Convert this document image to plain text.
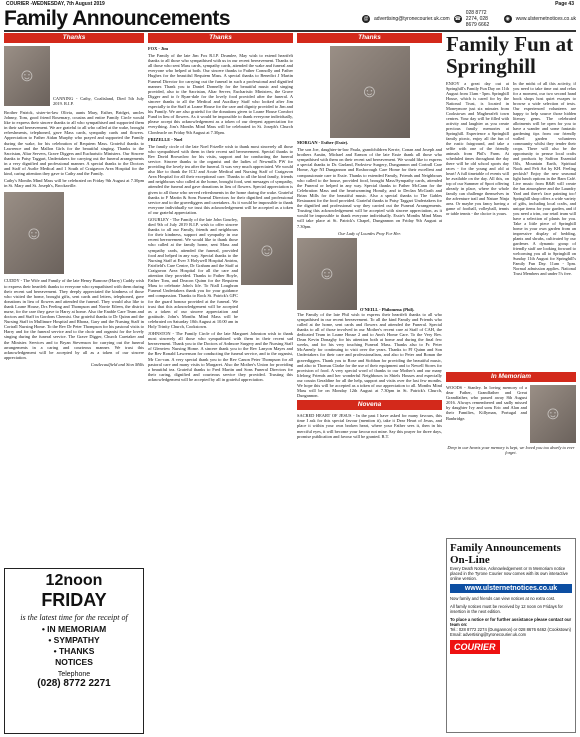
COURIER -WEDNESDAY, 7th August 2019	Page 43
Family Announcements	@ advertising@tyronecourier.uk.com ☎
028 8772 2274, 028 8679 6662
◉	www.ulsternetnotices.co.uk
Thanks
☺
CANNING - Cathy, Coalisland, Died 5th July 2019. R.I.P.
Brother Patrick, sister-in-law Olivia, aunts Mary, Esther, Bridget, uncles Johnny, Tom, good friend Rosemary, cousins and entire Family Circle would like to express their sincere thanks to all who sympathised and supported them in their sad bereavement. We are grateful to all who called at the wake, brought refreshments, telephoned, gave Mass cards, sympathy cards and flowers. Appreciation to Father Aidan Murphy who prayed and supported the Family during the wake, for his celebration of Requiem Mass. Grateful thanks to Lawrence and the Mallon Girls for the beautiful singing. Thanks to the Sacristan, Altar Servers, Grave Diggers and Eucharistic Ministers. Our Sincere thanks to Patsy Taggart, Undertakers for carrying out the funeral arrangements in a very dignified and professional manner. A special thanks to the Doctors and Staff of Aurlie Medical and 1 South of Craigavon Area Hospital for the kind, caring attention they gave to Cathy and the Family.
Cathy's Months Mind Mass will be celebrated on Friday 9th August at 7.30pm in St. Mary and St. Joseph's, Brockaville.
☺
CUDDY - The Wife and Family of the late Henry Bunrose (Harry) Cuddy wish to express their heartfelt thanks to everyone who sympathised with them during their recent sad bereavement. They deeply appreciated the kindness of those who visited the home, brought gifts, sent cards and letters, telephoned, gave donations in lieu of flowers and attended the funeral. They would also like to thank Loane House, Drs Feeling and Thompson and Norrie Eileen, the district nurse, for the care they gave to Harry at home. Also the Enable Care Team and doctors and Staff in Gordons Chemist. Our grateful thanks to Dr Quinn and the Nursing Staff in Mullinure Hospital and Rhona, Gary and the Nursing Staff in Cortrall Nursing Home. To the Rev Dr Peter Thompson for his pastoral visits to Harry and for the funeral service and to the choir and organist for the lovely singing during the funeral service. The Grave Digger, Church Caretaker and the Minister. Services and to Bryan Stevenson for carrying out the funeral arrangements in a caring and courteous manner. We trust this acknowledgement will be accepted by all as a token of our sincere appreciation.
Castlecaulfield and Sion Mills
12noon
FRIDAY
is the latest time for the receipt of
• IN MEMORIAM
• SYMPATHY
• THANKS
NOTICES
Telephone
(028) 8772 2271
Thanks
FOX - Jim
The Family of the late Jim Fox R.I.P. Drumlee, May wish to extend heartfelt thanks to all those who sympathised with us in our recent bereavement. Thanks to all those who sent Mass cards, sympathy cards, attended the wake and funeral and everyone who helped at both. Our sincere thanks to Father Connolly and Father Hughes for the beautiful Requiem Mass. A special thanks to Benedict J Martin Funeral Director for carrying out the funeral in such a professional and dignified manner. Thank you to Daniel Donnelly for the beautiful music and singing provided, also to the Sacristan, Altar Server, Eucharistic Ministers, the Grave Digger and to fr Ryan-dale for the lovely food provided after the funeral. A sincere thanks to all the Medical and Auxiliary Staff who looked after Jim especially to the Staff at Loane House for the care and dignity provided to Jim and his Family. We are also grateful for the donations given to Loane House Comfort Fund in lieu of flowers. As it would be impossible to thank everyone individually, please accept this acknowledgement as a token of our deepest appreciation for everything. Jim's Months Mind Mass will be celebrated in St. Joseph's Church Clonfeacle on Friday 9th August at 7.30pm.
FRIZELLE - Noel
The family circle of the late Noel Frizelle wish to thank most sincerely all those who sympathised with them in their recent sad bereavement. Special thanks to Rev David Brownlow for his visits, support and for conducting the funeral service. Sincere thanks to the organist and the ladies of Newmills PW for providing the lovely tea after the funeral. It was very much appreciated. We would also like to thank the ICU and Acute Medical and Nursing Staff of Craigavon Area Hospital for all their exceptional care. Thanks to all the kind family, friends and neighbours who called at the home, brought food, sent messages of sympathy, attended the funeral and gave donations in lieu of flowers. Special appreciation is given to all those who served refreshments in the home during the wake. Grateful thanks to F Martin & Sons Funeral Directors for their dignified and professional service and to the gravediggers and caretakers. As it would be impossible to thank everyone individually we trust this acknowledgement will be accepted as a token of our grateful appreciation.
GOURLEY - The Family of the late John Gourley, died 9th of July 2019 R.I.P. wish to offer sincere thanks to all our Family, friends and neighbours for their kindness, support and sympathy in our recent bereavement. We would like to thank those who called at the family home, sent Mass and sympathy cards, attended the funeral, provided food and helped in any way. Special thanks to the Nursing Staff at Ever 3 Holywell Hospital Antrim, Fairfield's Care Centre, Dr Graham and the Staff at Craigavon Area Hospital for all the care and attention they provided. Thanks to Father Boyle, Father Tom, and Deacon Quinn for the Requiem Mass to celebrate John's life. To Niall Loughran Funeral Undertakers thank you for your guidance and compassion. Thanks to Rock St. Patrick's GFC for the guard honour provided at the funeral. We trust that this acknowledgement will be accepted as a token of our sincere appreciation and gratitude. John's Months Mind Mass will be celebrated on Saturday 10th August at 10.00 am in Holy Trinity Church, Cookstown.
☺
JOHNSTON - The Family Circle of the late Margaret Johnston wish to thank most sincerely all those who sympathised with them in their recent sad bereavement. Thank you to the Doctors of Ardmore Surgery and the Nursing Staff of Glenview Nursing Home. A sincere thank you to the Rev Lanyon Mayes and the Rev Ronald Lawrenson for conducting the funeral service, and to the organist, Mr Cro-can. A very special thank you to the Rev Canon Peter Thompson for all pastoral care and many visits to Margaret. Also the Mother's Union for providing a beautiful tea. Grateful thanks to Fred Martin and Sons Funeral Directors for their caring, dignified and courteous service they provided. Trusting this acknowledgement will be accepted by all in grateful appreciation.
Thanks
☺
MORGAN - Esther (Essie).
The son Joe, daughter-in-law Paula, grandchildren Kerrie, Conan and Joseph and brothers Austin, Michael and Eamon of the late Essie thank all those who sympathised with them on their recent sad bereavement. We would like to express a special thanks to Dr. Garland, Parkview Surgery, Dungannon and Cortrall Care Home, Age NI Dungannon and Rosborough Care Home for their excellent and compassionate care to Essie. Thanks to extended Family, Friends and Neighbours who called to the house, provided food, brought Mass/Sympathy cards, attended the Funeral or helped in any way. Special thanks to Father McCann for the Celebration Mass and the heartwarming Homily, and to Declan McGrath and Brian Mills for the beautiful music. Also a special thanks to The Gables Restaurant for the food provided. Grateful thanks to Patsy Taggart Undertakers for the dignified and professional way they carried out the Funeral Arrangements. Trusting this acknowledgement will be accepted with sincere appreciation, as it would be impossible to thank everyone individually. Essie's Months Mind Mass will take place at St. Patrick's Chapel, Dungannon on Friday 9th August at 7.30pm.
Our Lady of Lourdes Pray For Her.
☺
O'NEILL - Philomena (Phil).
The Family of the late Phil wish to express their heartfelt thanks to all who sympathised in our recent bereavement. To all the kind Family and Friends who called at the home, sent cards and flowers and attended the Funeral. Special thanks to all of those involved in our Mother's recent care at Staff of CAH, the dedicated Team in Loane House 2 and to Ann's Home Care. To the Very Rev. Dean Kevin Donaghy for his attention both at home and during the final few weeks, and for his very touching Funeral Mass. Thanks also to Fr. Peter McAnenly for continuing to visit over the years. Thanks to PJ Quinn and Son Undertakers for their care and professionalism, and also to Peter and Ronan the gravediggers. Thank you to Rose and Siobhan for providing the beautiful music, and also to Thomas Clarke for the use of their equipment and to Newell Stores for provision of food. A very special word of thanks to our Mother's and our many lifelong Friends and her wonderful Neighbours in Shiels Houses and especially our cousin Geraldine for all the help, support and visits over the last few months. We hope this will be accepted as a token of our appreciation to all. Months Mind Mass will be on Monday 12th August at 7.30pm in St. Patrick's Church, Dungannon.
Novena
SACRED HEART OF JESUS - In the past I have asked for many favours, this time I ask for this special favour (mention it), take it Dear Heart of Jesus, and place it within your own broken heart, where your Father sees it, then in his merciful eyes, it will become your favour not mine. Say this prayer for three days, promise publication and favour will be granted. R.T.
Family Fun at Springhill
ENJOY a great day out at Springhill's Family Fun Day on 11th August from 11am - 5pm. Springhill House, which is cared for by the National Trust, is located in Moneymore just six minutes from Cookstown and Magherafelt town centres. Your day will be filled with activity and laughter as you create precious family memories at Springhill. Experience a Springhill family picnic, enjoy all the fun of the rustic fairground, and take a selfie with one of the friendly animals from Phil's Farm. At scheduled times throughout the day there will be old school sports day races - for the young and old at heart! A full timetable of events will be available on the day. All this, on top of our Summer of Sport offering already in place, where the whole family can challenge themselves in the adventure trail and Nature Ninja area. Or maybe you fancy having a game of football, volleyball, tennis or table tennis - the choice is yours.
In the midst of all this activity, if you need to take time out and relax for a moment, our two second hand book shops host quiet escapes to browse a wide selection of texts. Our experienced volunteers are happy to help source those hidden literary gems. The celebrated allotments will be open for you to have a wander and some fantastic gardening tips from our friendly walled garden volunteers community whilst they tender their crops. There will also be the opportunity to peruse local crafts and products by Saffron Essential Oils, Mountain Earth, Spiritual Nook and Felt Art by KH. Feeling peckish? Enjoy the new seasonal light lunch options in the Barn Café. Live music from R&R will create the fun atmosphere and the Laundry Yard and there's face painting too! Springhill shop offers a wide variety of gifts, including local crafts, and unique items for your garden, and if you need a trim, our retail team will have a selection of plants for you. Take a little piece of Springhill home in your own garden from an impressive display of bedding, plants and shrubs, cultivated by our gardener. A dynamic group of friendly staff are looking forward to welcoming you all to Springhill on Sunday 11th August for Springhill's Family Fun Day. 11am - 5pm. Normal admission applies. National Trust Members and under 5's free.
In Memoriam
WOODS - Stanley. In loving memory of a dear Father, Grandfather and Great Grandfather, who passed away 8th August 2016. Always remembered and sadly missed by daughter Ivy and sons Eric and Alan and their Families, Killyman, Portugal and Banbridge.	☺
Deep in our hearts your memory is kept, we loved you too dearly to ever forget.
Family Announcements On-Line
Every Death Notice, Acknowledgement or In Memoriam notice placed in the Tyrone Courier now comes with its own interactive online version.
www.ulsternetnotices.co.uk
Now family and friends can view notices at no extra cost.
All family notices must be received by 12 noon on Fridays for insertion in the next edition.
To place a notice or for further assistance please contact our team on:
Tel.: 028 8772 2274 (Dungannon) or 028 8676 6462 (Cookstown)
Email: advertising@tyronecourier.uk.com
COURIER
